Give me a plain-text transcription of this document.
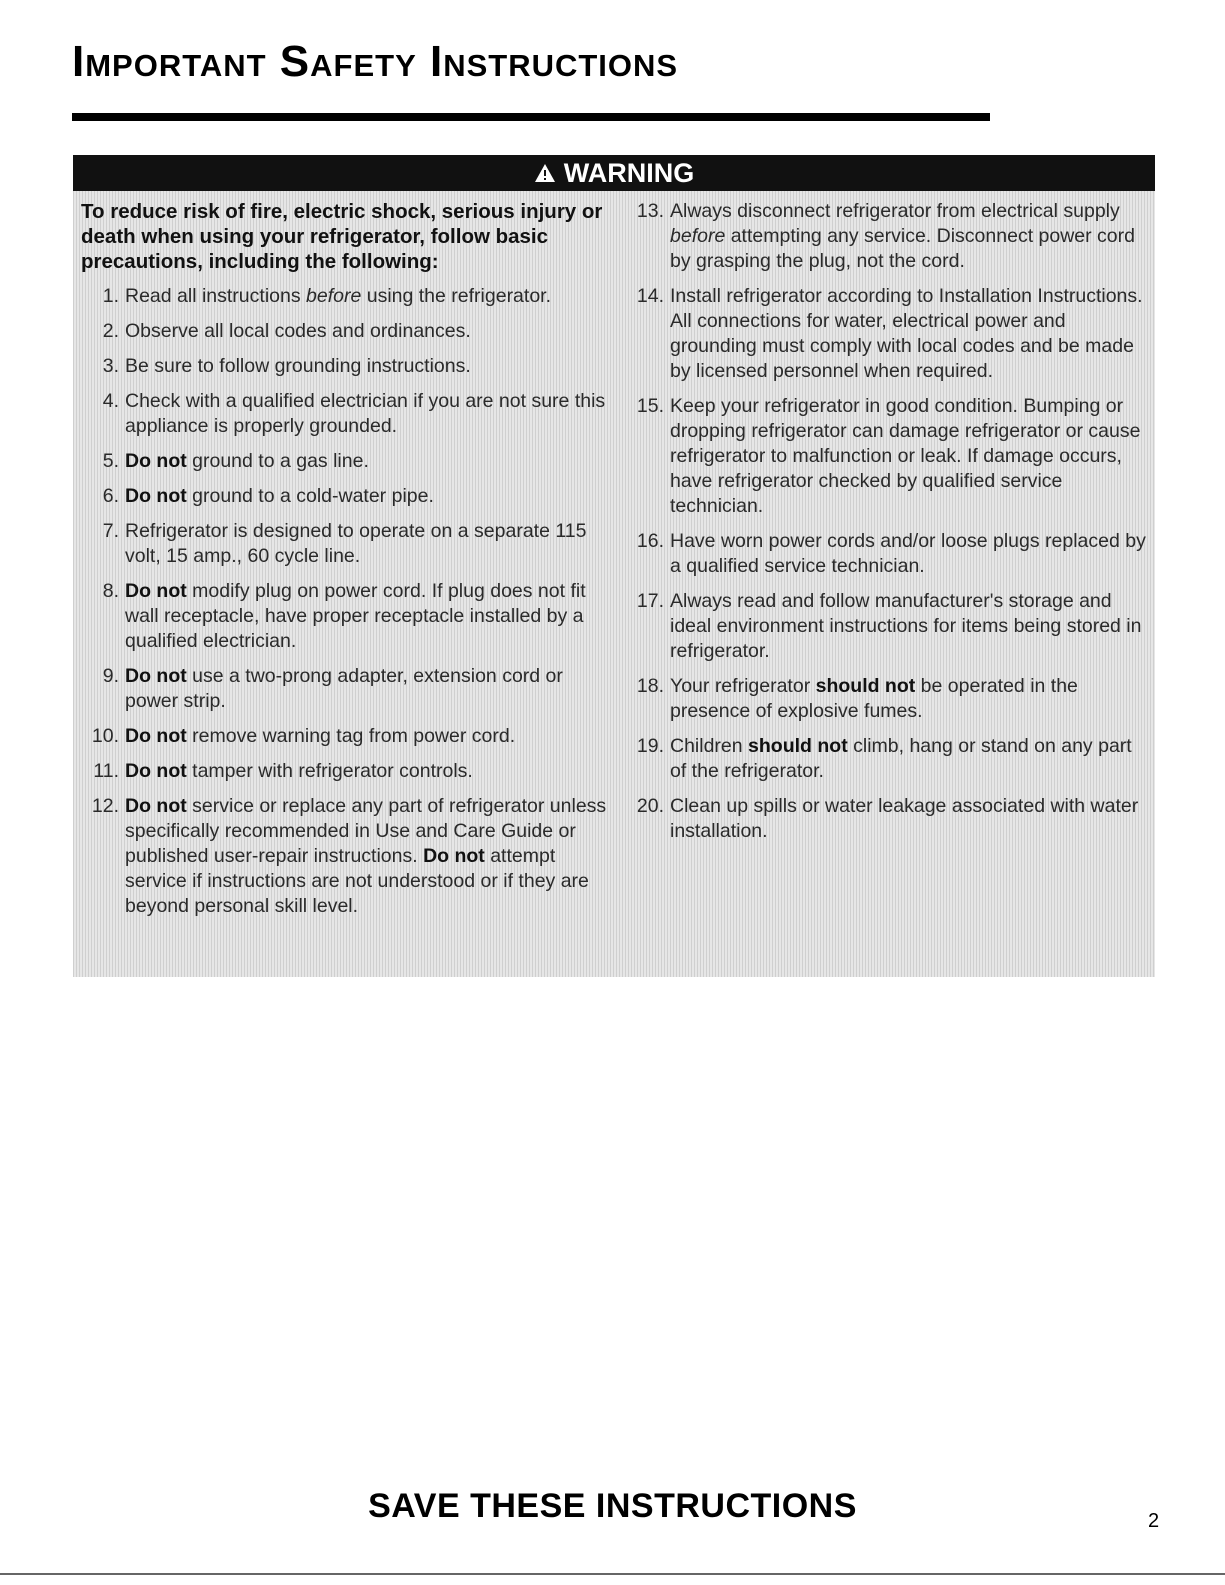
Important Safety Instructions
WARNING

To reduce risk of fire, electric shock, serious injury or death when using your refrigerator, follow basic precautions, including the following:

1. Read all instructions before using the refrigerator.
2. Observe all local codes and ordinances.
3. Be sure to follow grounding instructions.
4. Check with a qualified electrician if you are not sure this appliance is properly grounded.
5. Do not ground to a gas line.
6. Do not ground to a cold-water pipe.
7. Refrigerator is designed to operate on a separate 115 volt, 15 amp., 60 cycle line.
8. Do not modify plug on power cord. If plug does not fit wall receptacle, have proper receptacle installed by a qualified electrician.
9. Do not use a two-prong adapter, extension cord or power strip.
10. Do not remove warning tag from power cord.
11. Do not tamper with refrigerator controls.
12. Do not service or replace any part of refrigerator unless specifically recommended in Use and Care Guide or published user-repair instructions. Do not attempt service if instructions are not understood or if they are beyond personal skill level.
13. Always disconnect refrigerator from electrical supply before attempting any service. Disconnect power cord by grasping the plug, not the cord.
14. Install refrigerator according to Installation Instructions. All connections for water, electrical power and grounding must comply with local codes and be made by licensed personnel when required.
15. Keep your refrigerator in good condition. Bumping or dropping refrigerator can damage refrigerator or cause refrigerator to malfunction or leak. If damage occurs, have refrigerator checked by qualified service technician.
16. Have worn power cords and/or loose plugs replaced by a qualified service technician.
17. Always read and follow manufacturer's storage and ideal environment instructions for items being stored in refrigerator.
18. Your refrigerator should not be operated in the presence of explosive fumes.
19. Children should not climb, hang or stand on any part of the refrigerator.
20. Clean up spills or water leakage associated with water installation.
SAVE THESE INSTRUCTIONS	2
